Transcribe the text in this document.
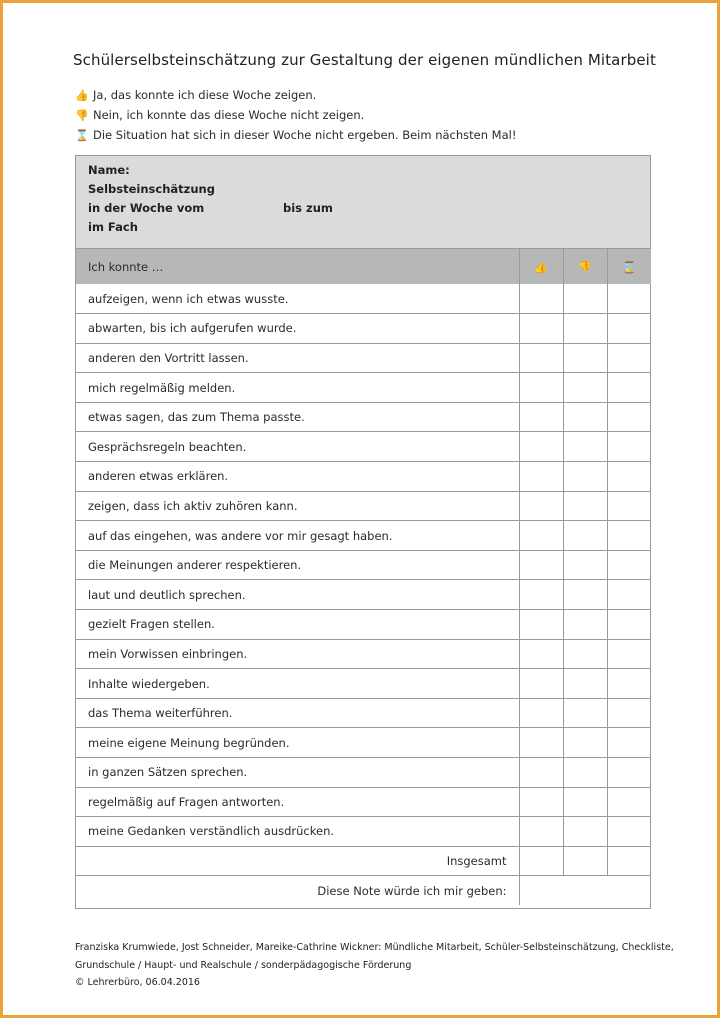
Schülerselbsteinschätzung zur Gestaltung der eigenen mündlichen Mitarbeit
👍 Ja, das konnte ich diese Woche zeigen.
👎 Nein, ich konnte das diese Woche nicht zeigen.
⌛ Die Situation hat sich in dieser Woche nicht ergeben. Beim nächsten Mal!
Name:
Selbsteinschätzung
in der Woche vom	bis zum
im Fach
Ich konnte …	👍	👎	⌛
aufzeigen, wenn ich etwas wusste.			
abwarten, bis ich aufgerufen wurde.			
anderen den Vortritt lassen.			
mich regelmäßig melden.			
etwas sagen, das zum Thema passte.			
Gesprächsregeln beachten.			
anderen etwas erklären.			
zeigen, dass ich aktiv zuhören kann.			
auf das eingehen, was andere vor mir gesagt haben.			
die Meinungen anderer respektieren.			
laut und deutlich sprechen.			
gezielt Fragen stellen.			
mein Vorwissen einbringen.			
Inhalte wiedergeben.			
das Thema weiterführen.			
meine eigene Meinung begründen.			
in ganzen Sätzen sprechen.			
regelmäßig auf Fragen antworten.			
meine Gedanken verständlich ausdrücken.			
Insgesamt			
Diese Note würde ich mir geben:			
Franziska Krumwiede, Jost Schneider, Mareike-Cathrine Wickner: Mündliche Mitarbeit, Schüler-Selbsteinschätzung, Checkliste,
Grundschule / Haupt- und Realschule / sonderpädagogische Förderung
© Lehrerbüro, 06.04.2016
